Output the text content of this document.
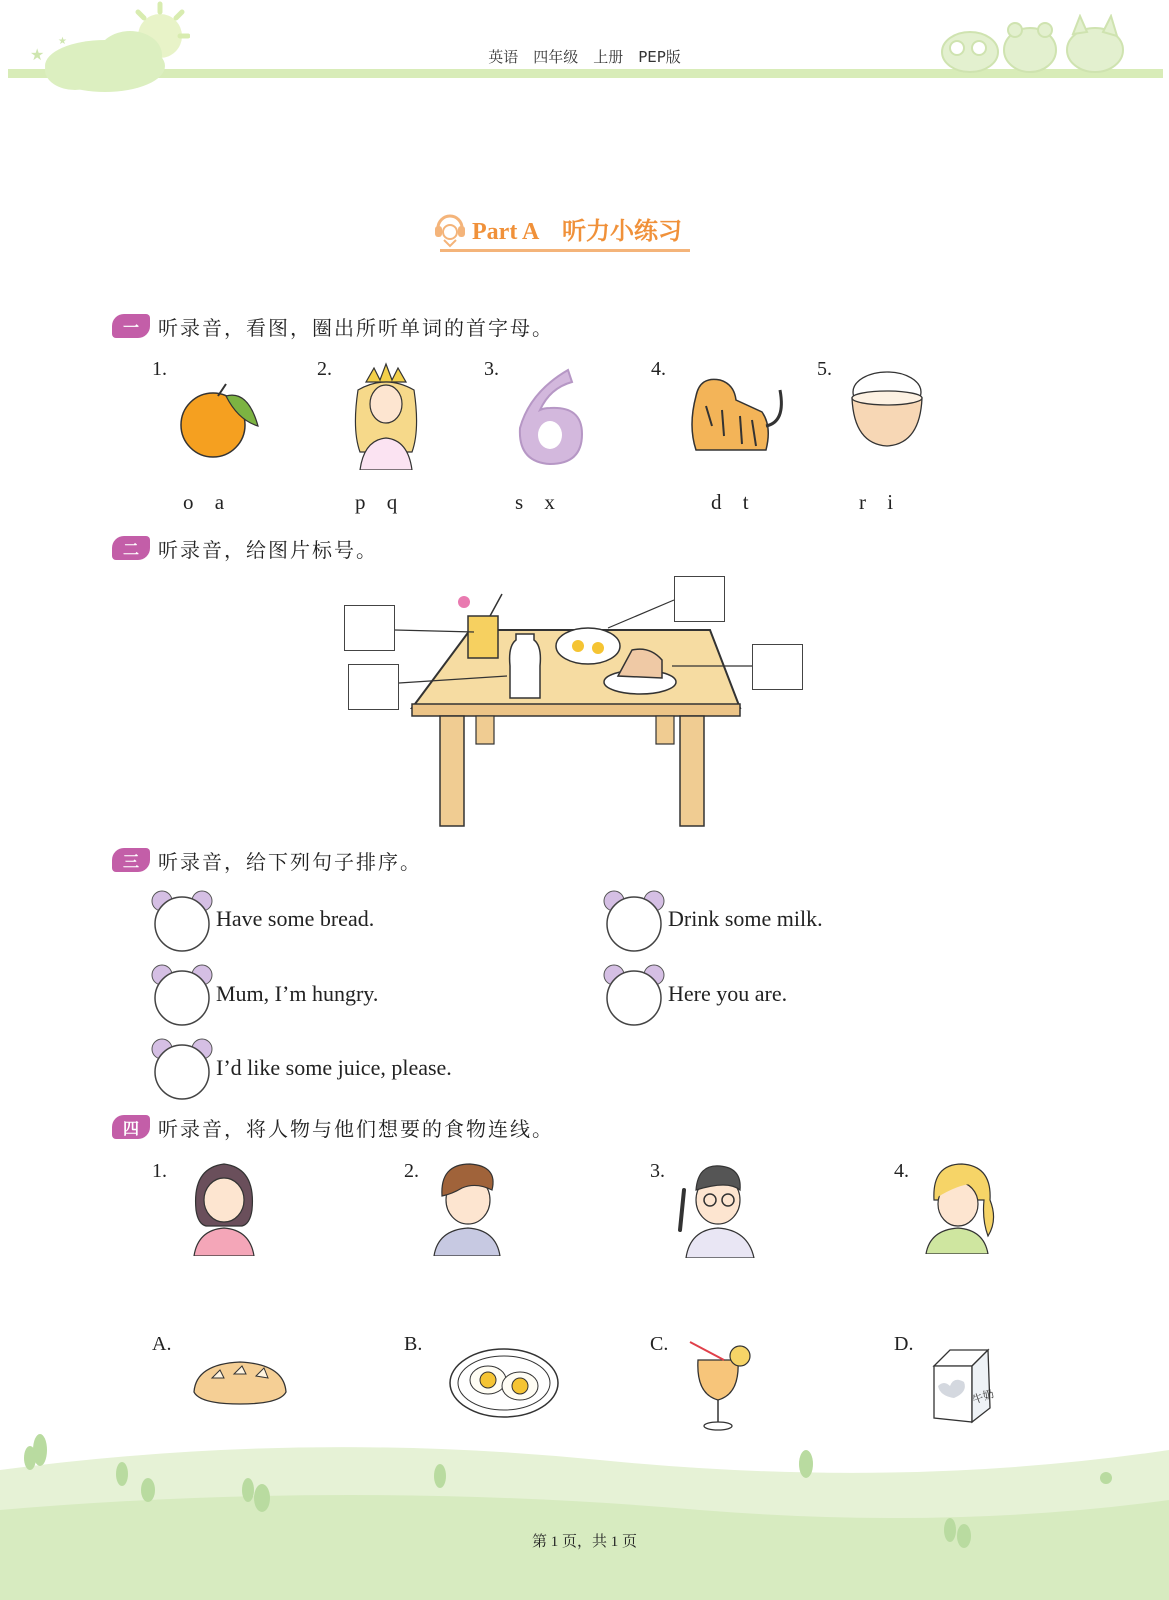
★
★
英语　四年级　上册　PEP版
Part A　听力小练习
一 听录音，看图，圈出所听单词的首字母。
1.	2.	3.	4.	5.
o a	p q	s x	d t	r i
二 听录音，给图片标号。
三 听录音，给下列句子排序。
Have some bread.	Drink some milk.
Mum, I’m hungry.	Here you are.
I’d like some juice, please.
四 听录音，将人物与他们想要的食物连线。
1.	2.	3.	4.
A.	B.	C.	D.
牛奶
第 1 页，共 1 页
